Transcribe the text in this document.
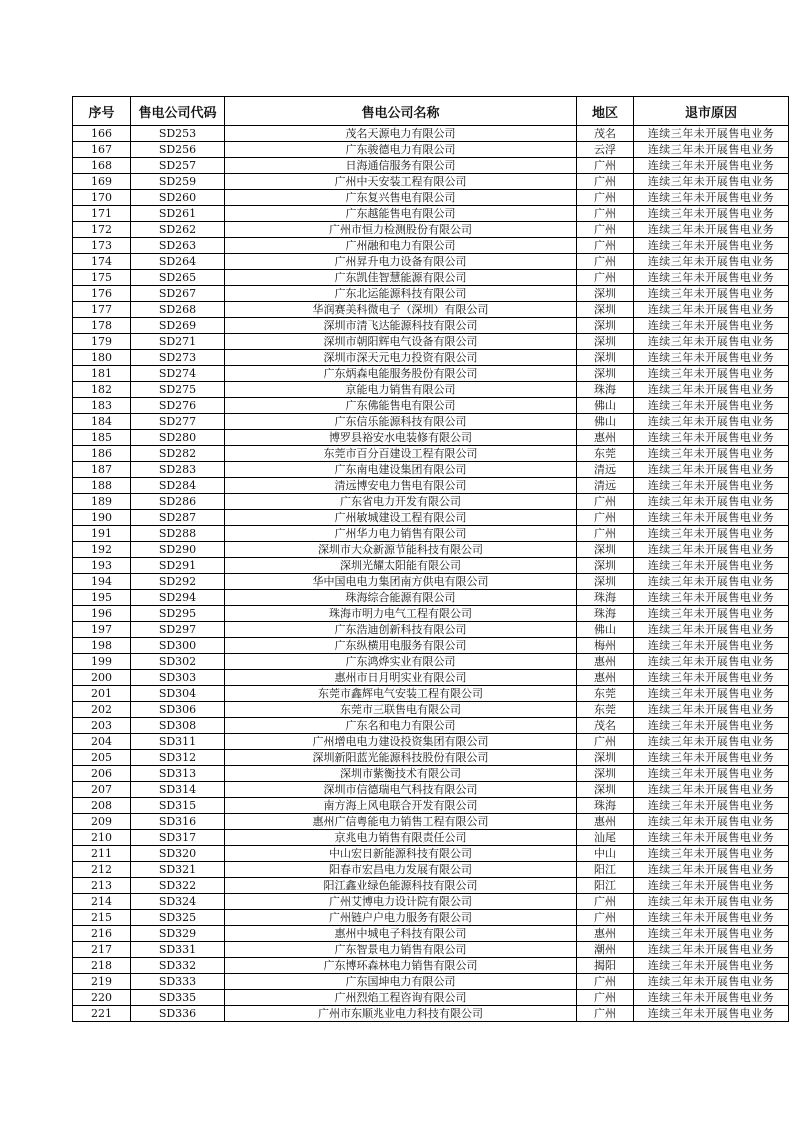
序号	售电公司代码	售电公司名称	地区	退市原因
166	SD253	茂名天源电力有限公司	茂名	连续三年未开展售电业务
167	SD256	广东骏德电力有限公司	云浮	连续三年未开展售电业务
168	SD257	日海通信服务有限公司	广州	连续三年未开展售电业务
169	SD259	广州中天安装工程有限公司	广州	连续三年未开展售电业务
170	SD260	广东复兴售电有限公司	广州	连续三年未开展售电业务
171	SD261	广东越能售电有限公司	广州	连续三年未开展售电业务
172	SD262	广州市恒力检测股份有限公司	广州	连续三年未开展售电业务
173	SD263	广州融和电力有限公司	广州	连续三年未开展售电业务
174	SD264	广州昇升电力设备有限公司	广州	连续三年未开展售电业务
175	SD265	广东凯佳智慧能源有限公司	广州	连续三年未开展售电业务
176	SD267	广东北运能源科技有限公司	深圳	连续三年未开展售电业务
177	SD268	华润赛美科微电子（深圳）有限公司	深圳	连续三年未开展售电业务
178	SD269	深圳市清飞达能源科技有限公司	深圳	连续三年未开展售电业务
179	SD271	深圳市朝阳辉电气设备有限公司	深圳	连续三年未开展售电业务
180	SD273	深圳市深天元电力投资有限公司	深圳	连续三年未开展售电业务
181	SD274	广东炳森电能服务股份有限公司	深圳	连续三年未开展售电业务
182	SD275	京能电力销售有限公司	珠海	连续三年未开展售电业务
183	SD276	广东佛能售电有限公司	佛山	连续三年未开展售电业务
184	SD277	广东信乐能源科技有限公司	佛山	连续三年未开展售电业务
185	SD280	博罗县裕安水电装修有限公司	惠州	连续三年未开展售电业务
186	SD282	东莞市百分百建设工程有限公司	东莞	连续三年未开展售电业务
187	SD283	广东南电建设集团有限公司	清远	连续三年未开展售电业务
188	SD284	清远博安电力售电有限公司	清远	连续三年未开展售电业务
189	SD286	广东省电力开发有限公司	广州	连续三年未开展售电业务
190	SD287	广州敏城建设工程有限公司	广州	连续三年未开展售电业务
191	SD288	广州华力电力销售有限公司	广州	连续三年未开展售电业务
192	SD290	深圳市大众新源节能科技有限公司	深圳	连续三年未开展售电业务
193	SD291	深圳光耀太阳能有限公司	深圳	连续三年未开展售电业务
194	SD292	华中国电电力集团南方供电有限公司	深圳	连续三年未开展售电业务
195	SD294	珠海综合能源有限公司	珠海	连续三年未开展售电业务
196	SD295	珠海市明力电气工程有限公司	珠海	连续三年未开展售电业务
197	SD297	广东浩迪创新科技有限公司	佛山	连续三年未开展售电业务
198	SD300	广东纵横用电服务有限公司	梅州	连续三年未开展售电业务
199	SD302	广东鸿烨实业有限公司	惠州	连续三年未开展售电业务
200	SD303	惠州市日月明实业有限公司	惠州	连续三年未开展售电业务
201	SD304	东莞市鑫辉电气安装工程有限公司	东莞	连续三年未开展售电业务
202	SD306	东莞市三联售电有限公司	东莞	连续三年未开展售电业务
203	SD308	广东名和电力有限公司	茂名	连续三年未开展售电业务
204	SD311	广州增电电力建设投资集团有限公司	广州	连续三年未开展售电业务
205	SD312	深圳新阳蓝光能源科技股份有限公司	深圳	连续三年未开展售电业务
206	SD313	深圳市紫衡技术有限公司	深圳	连续三年未开展售电业务
207	SD314	深圳市信德瑞电气科技有限公司	深圳	连续三年未开展售电业务
208	SD315	南方海上风电联合开发有限公司	珠海	连续三年未开展售电业务
209	SD316	惠州广信粤能电力销售工程有限公司	惠州	连续三年未开展售电业务
210	SD317	京兆电力销售有限责任公司	汕尾	连续三年未开展售电业务
211	SD320	中山宏日新能源科技有限公司	中山	连续三年未开展售电业务
212	SD321	阳春市宏昌电力发展有限公司	阳江	连续三年未开展售电业务
213	SD322	阳江鑫业绿色能源科技有限公司	阳江	连续三年未开展售电业务
214	SD324	广州艾博电力设计院有限公司	广州	连续三年未开展售电业务
215	SD325	广州链户户电力服务有限公司	广州	连续三年未开展售电业务
216	SD329	惠州中城电子科技有限公司	惠州	连续三年未开展售电业务
217	SD331	广东智景电力销售有限公司	潮州	连续三年未开展售电业务
218	SD332	广东博环森林电力销售有限公司	揭阳	连续三年未开展售电业务
219	SD333	广东国坤电力有限公司	广州	连续三年未开展售电业务
220	SD335	广州烈焰工程咨询有限公司	广州	连续三年未开展售电业务
221	SD336	广州市东顺兆业电力科技有限公司	广州	连续三年未开展售电业务
